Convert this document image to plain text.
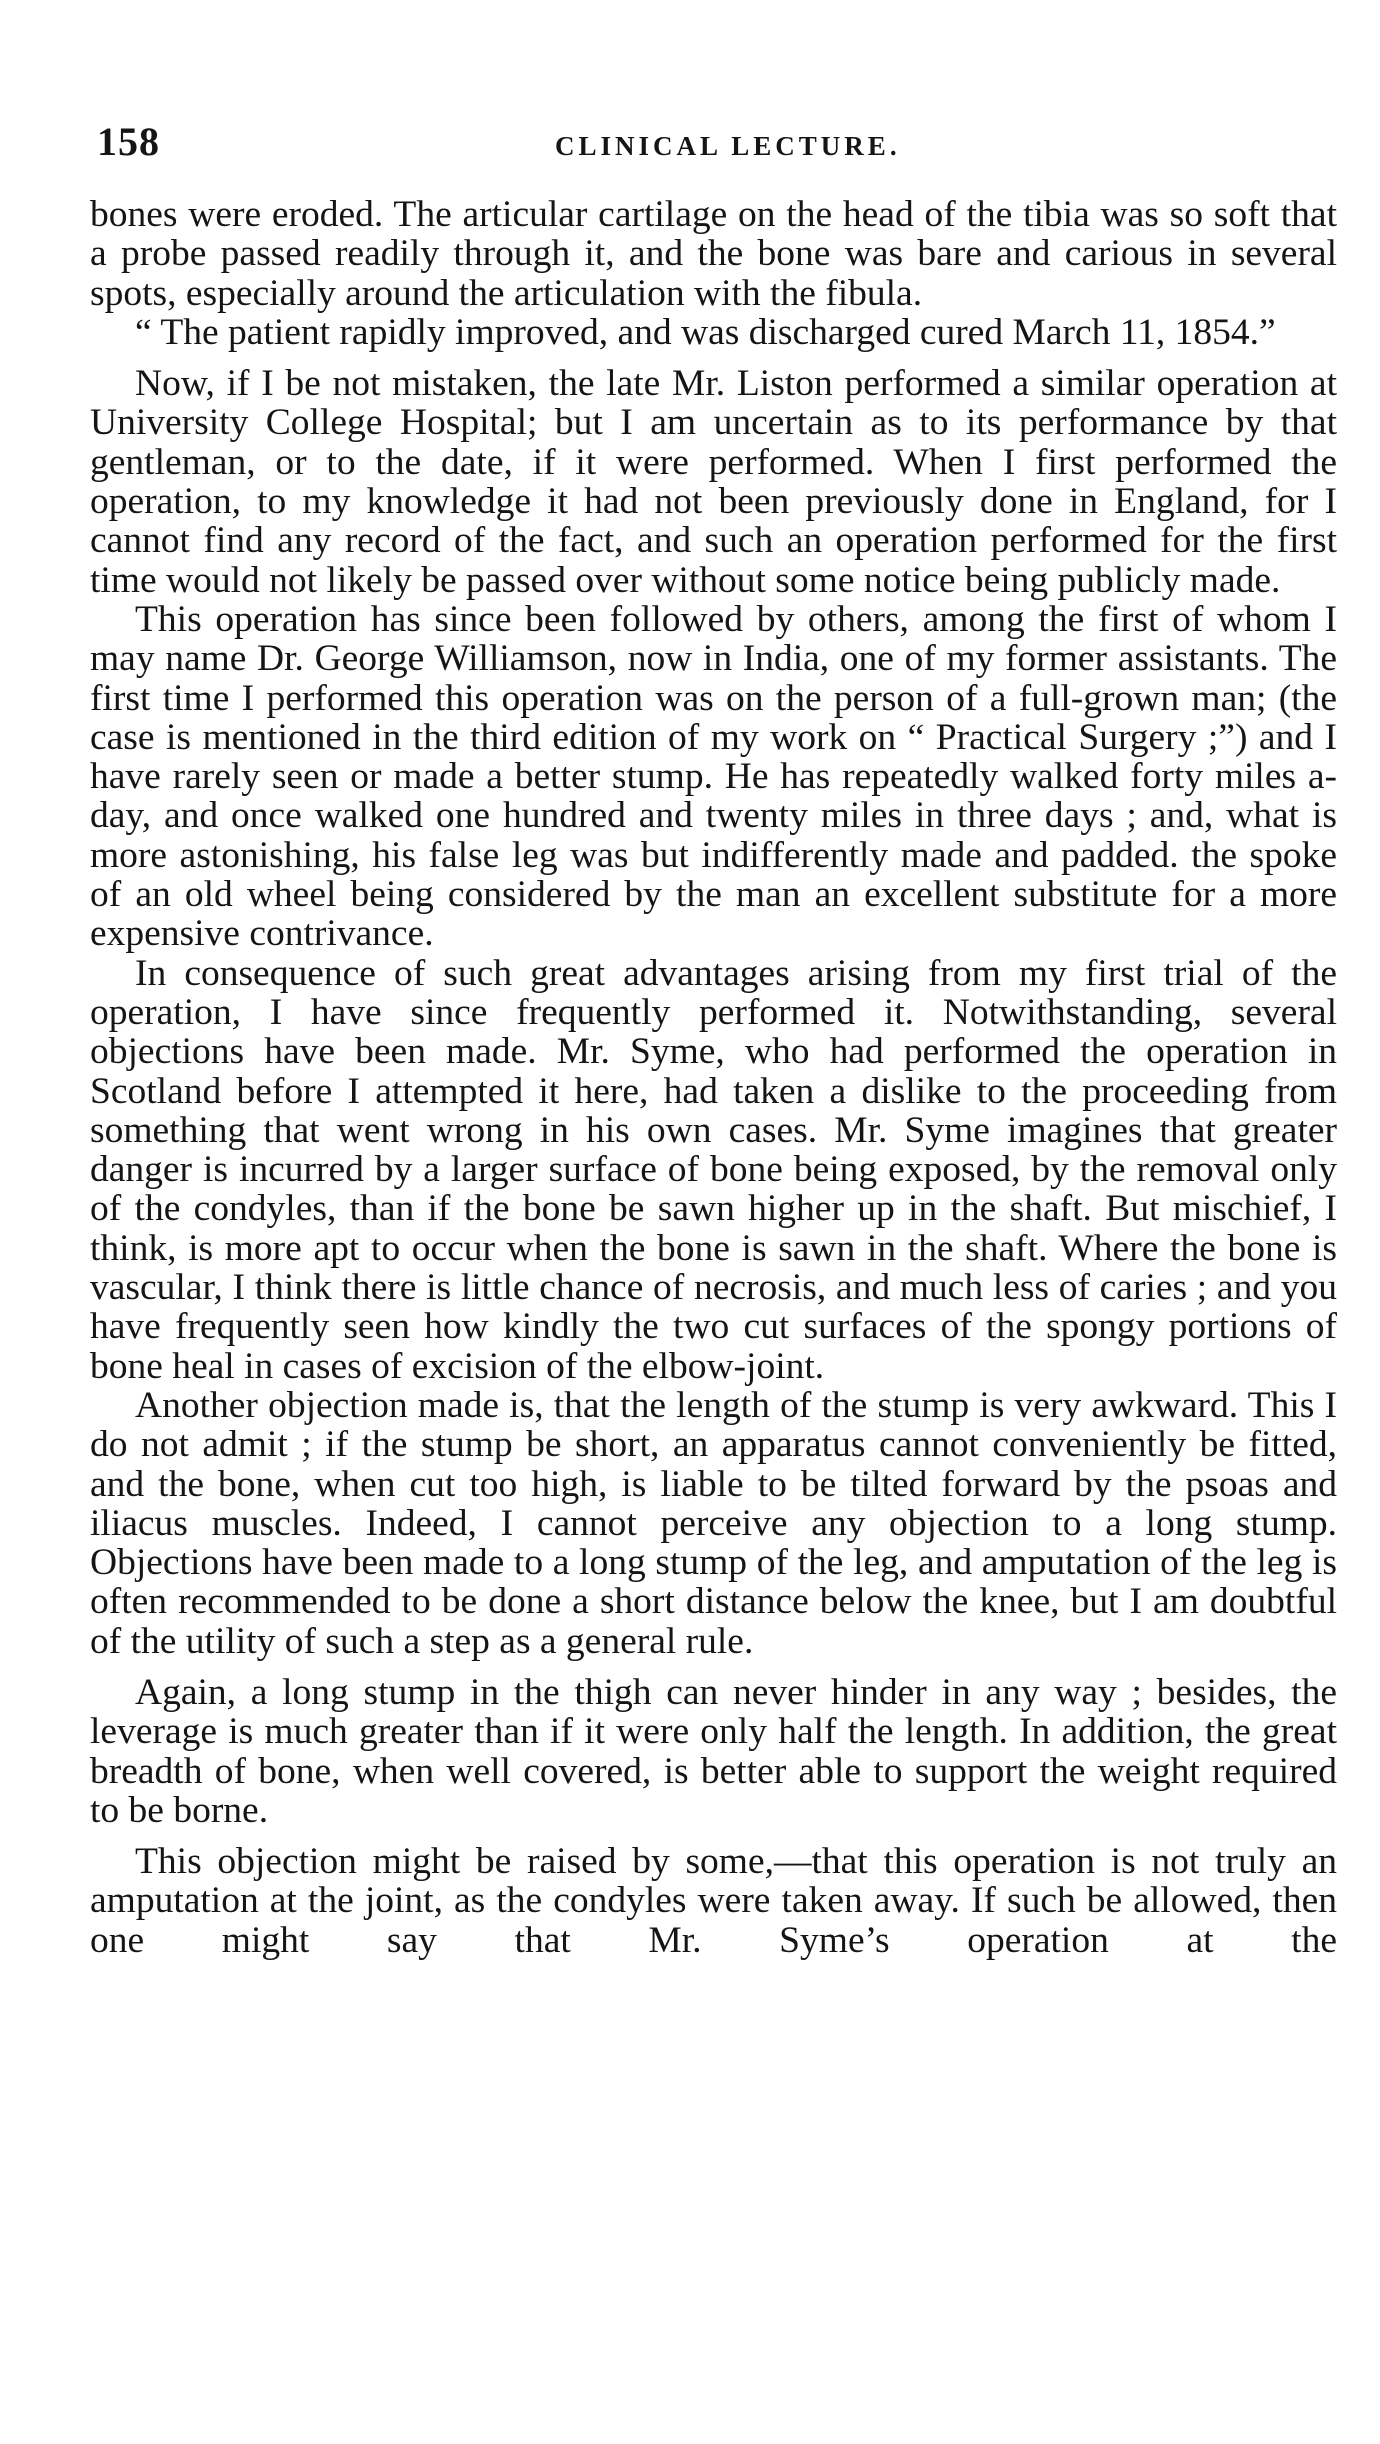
158	CLINICAL LECTURE.

bones were eroded. The articular cartilage on the head of the tibia was so soft that a probe passed readily through it, and the bone was bare and carious in several spots, especially around the articulation with the fibula.

“ The patient rapidly improved, and was discharged cured March 11, 1854.”

Now, if I be not mistaken, the late Mr. Liston performed a similar operation at University College Hospital; but I am uncertain as to its performance by that gentleman, or to the date, if it were performed. When I first performed the operation, to my knowledge it had not been previously done in England, for I cannot find any record of the fact, and such an operation performed for the first time would not likely be passed over without some notice being publicly made.

This operation has since been followed by others, among the first of whom I may name Dr. George Williamson, now in India, one of my former assistants. The first time I performed this operation was on the person of a full-grown man; (the case is mentioned in the third edition of my work on “ Practical Surgery ;”) and I have rarely seen or made a better stump. He has repeatedly walked forty miles a-day, and once walked one hundred and twenty miles in three days ; and, what is more astonishing, his false leg was but indifferently made and padded. the spoke of an old wheel being considered by the man an excellent substitute for a more expensive contrivance.

In consequence of such great advantages arising from my first trial of the operation, I have since frequently performed it. Notwithstanding, several objections have been made. Mr. Syme, who had performed the operation in Scotland before I attempted it here, had taken a dislike to the proceeding from something that went wrong in his own cases. Mr. Syme imagines that greater danger is incurred by a larger surface of bone being exposed, by the removal only of the condyles, than if the bone be sawn higher up in the shaft. But mischief, I think, is more apt to occur when the bone is sawn in the shaft. Where the bone is vascular, I think there is little chance of necrosis, and much less of caries ; and you have frequently seen how kindly the two cut surfaces of the spongy portions of bone heal in cases of excision of the elbow-joint.

Another objection made is, that the length of the stump is very awkward. This I do not admit ; if the stump be short, an apparatus cannot conveniently be fitted, and the bone, when cut too high, is liable to be tilted forward by the psoas and iliacus muscles. Indeed, I cannot perceive any objection to a long stump. Objections have been made to a long stump of the leg, and amputation of the leg is often recommended to be done a short distance below the knee, but I am doubtful of the utility of such a step as a general rule.

Again, a long stump in the thigh can never hinder in any way ; besides, the leverage is much greater than if it were only half the length. In addition, the great breadth of bone, when well covered, is better able to support the weight required to be borne.

This objection might be raised by some,—that this operation is not truly an amputation at the joint, as the condyles were taken away. If such be allowed, then one might say that Mr. Syme’s operation at the
